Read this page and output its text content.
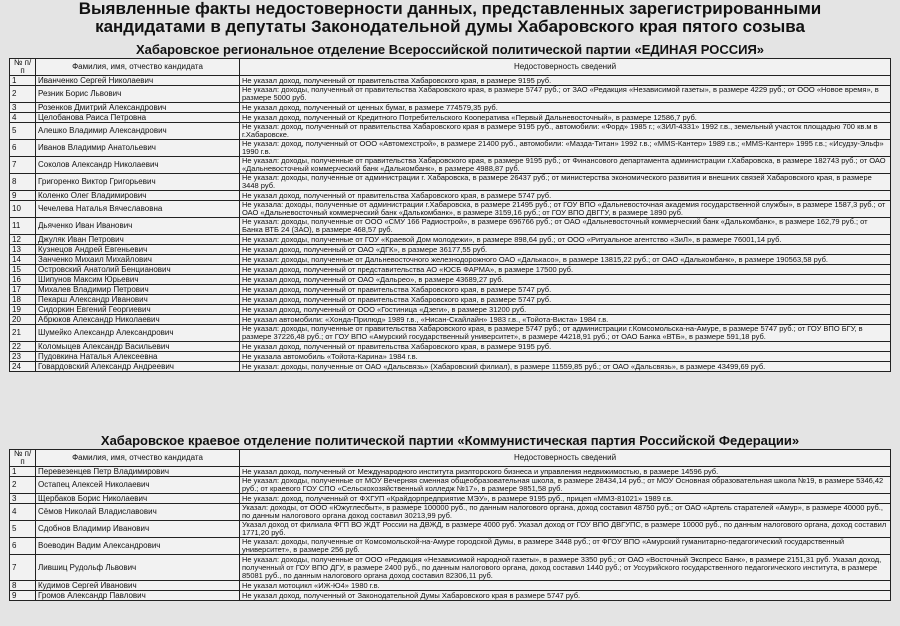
Выявленные факты недостоверности данных, представленных зарегистрированными
кандидатами в депутаты Законодательной думы Хабаровского края пятого созыва
Хабаровское региональное отделение Всероссийской политической партии «ЕДИНАЯ РОССИЯ»
№ п/п	Фамилия, имя, отчество кандидата	Недостоверность сведений
1	Иванченко Сергей Николаевич	Не указал доход, полученный от правительства Хабаровского края, в размере 9195 руб.
2	Резник Борис Львович	Не указал: доходы, полученный от правительства Хабаровского края, в размере 5747 руб.; от ЗАО «Редакция «Независимой газеты», в размере 4229 руб.; от ООО «Новое время», в размере 5000 руб.
3	Розенков Дмитрий Александрович	Не указал доход, полученный от ценных бумаг, в размере 774579,35 руб.
4	Целобанова Раиса Петровна	Не указал доход, полученный от Кредитного Потребительского Кооператива «Первый Дальневосточный», в размере 12586,7 руб.
5	Алешко Владимир Александрович	Не указал: доход, полученный от правительства Хабаровского края в размере 9195 руб., автомобили: «Форд» 1985 г.; «ЗИЛ-4331» 1992 г.в., земельный участок площадью 700 кв.м в г.Хабаровске.
6	Иванов Владимир Анатольевич	Не указал: доход, полученный от ООО «Автомехстрой», в размере 21400 руб., автомобили: «Мазда-Титан» 1992 г.в.; «MMS-Кантер» 1989 г.в.; «MMS-Кантер» 1995 г.в.; «Исудзу-Эльф» 1990 г.в.
7	Соколов Александр Николаевич	Не указал: доходы, полученные от правительства Хабаровского края, в размере 9195 руб.; от Финансового департамента администрации г.Хабаровска, в размере 182743 руб.; от ОАО «Дальневосточный коммерческий банк «Далькомбанк», в размере 4988,87 руб.
8	Григоренко Виктор Григорьевич	Не указал: доходы, полученные от администрации г. Хабаровска, в размере 26437 руб.; от министерства экономического развития и внешних связей Хабаровского края, в размере 3448 руб.
9	Коленко Олег Владимирович	Не указал доход, полученный от правительства Хабаровского края, в размере 5747 руб.
10	Чечелева Наталья Вячеславовна	Не указала: доходы, полученные от администрации г.Хабаровска, в размере 21495 руб.; от ГОУ ВПО «Дальневосточная академия государственной службы», в размере 1587,3 руб.; от ОАО «Дальневосточный коммерческий банк «Далькомбанк», в размере 3159,16 руб.; от ГОУ ВПО ДВГГУ, в размере 1890 руб.
11	Дьяченко Иван Иванович	Не указал: доходы, полученные от ООО «СМУ 166 Радиострой», в размере 696766 руб.; от ОАО «Дальневосточный коммерческий банк «Далькомбанк», в размере 162,79 руб.; от Банка ВТБ 24 (ЗАО), в размере 468,57 руб.
12	Джуляк Иван Петрович	Не указал: доходы, полученные от ГОУ «Краевой Дом молодежи», в размере 898,64 руб.; от ООО «Ритуальное агентство «ЗиЛ», в размере 76001,14 руб.
13	Кузнецов Андрей Евгеньевич	Не указал доход, полученный от ОАО «ДГК», в размере 36177,55 руб.
14	Занченко Михаил Михайлович	Не указал: доходы, полученные от Дальневосточного железнодорожного ОАО «Далькасо», в размере 13815,22 руб.; от ОАО «Далькомбанк», в размере 190563,58 руб.
15	Островский Анатолий Бенцианович	Не указал доход, полученный от представительства АО «ЮСБ ФАРМА», в размере 17500 руб.
16	Шипунов Максим Юрьевич	Не указал доход, полученный от ОАО «Дальрео», в размере 43689,27 руб.
17	Михалев Владимир Петрович	Не указал доход, полученный от правительства Хабаровского края, в размере 5747 руб.
18	Пекарш Александр Иванович	Не указал доход, полученный от правительства Хабаровского края, в размере 5747 руб.
19	Сидоркин Евгений Георгиевич	Не указал доход, полученный от ООО «Гостиница «Дзеги», в размере 31200 руб.
20	Абрюков Александр Николаевич	Не указал автомобили: «Хонда-Прилюд» 1989 г.в., «Нисан-Скайлайн» 1983 г.в., «Тойота-Виста» 1984 г.в.
21	Шумейко Александр Александрович	Не указал: доходы, полученные от правительства Хабаровского края, в размере 5747 руб.; от администрации г.Комсомольска-на-Амуре, в размере 5747 руб.; от ГОУ ВПО БГУ, в размере 37226,48 руб.; от ГОУ ВПО «Амурский государственный университет», в размере 44218,91 руб.; от ОАО Банка «ВТБ», в размере 591,18 руб.
22	Коломыцев Александр Васильевич	Не указал доход, полученный от правительства Хабаровского края, в размере 9195 руб.
23	Пудовкина Наталья Алексеевна	Не указала автомобиль «Тойота-Карина» 1984 г.в.
24	Говардовский Александр Андреевич	Не указал: доходы, полученные от ОАО «Дальсвязь» (Хабаровский филиал), в размере 11559,85 руб.; от ОАО «Дальсвязь», в размере 43499,69 руб.
Хабаровское краевое отделение политической партии «Коммунистическая партия Российской Федерации»
№ п/п	Фамилия, имя, отчество кандидата	Недостоверность сведений
1	Перевезенцев Петр Владимирович	Не указал доход, полученный от Международного института риэлторского бизнеса и управления недвижимостью, в размере 14596 руб.
2	Остапец Алексей Николаевич	Не указал: доходы, полученные от МОУ Вечерняя сменная общеобразовательная школа, в размере 28434,14 руб.; от МОУ Основная образовательная школа №19, в размере 5346,42 руб.; от краевого ГОУ СПО «Сельскохозяйственный колледж №17», в размере 9851,58 руб.
3	Щербаков Борис Николаевич	Не указал: доход, полученный от ФХГУП «Крайдорпредприятие МЭУ», в размере 9195 руб., прицеп «ММЗ-81021» 1989 г.в.
4	Сёмов Николай Владиславович	Указал: доходы, от ООО «Южуглесбыт», в размере 100000 руб., по данным налогового органа, доход составил 48750 руб.; от ОАО «Артель старателей «Амур», в размере 40000 руб., по данным налогового органа доход составил 30213,99 руб.
5	Сдобнов Владимир Иванович	Указал доход от филиала ФГП ВО ЖДТ России на ДВЖД, в размере 4000 руб. Указал доход от ГОУ ВПО ДВГУПС, в размере 10000 руб., по данным налогового органа, доход составил 1771,20 руб.
6	Воеводин Вадим Александрович	Не указал: доходы, полученные от Комсомольской-на-Амуре городской Думы, в размере 3448 руб.; от ФГОУ ВПО «Амурский гуманитарно-педагогический государственный университет», в размере 256 руб.
7	Лившиц Рудольф Львович	Не указал: доходы, полученные от ООО «Редакция «Независимой народной газеты», в размере 3350 руб.; от ОАО «Восточный Экспресс Банк», в размере 2151,31 руб. Указал доход, полученный от ГОУ ВПО ДГУ, в размере 2400 руб., по данным налогового органа, доход составил 1440 руб.; от Уссурийского государственного педагогического института, в размере 85081 руб., по данным налогового органа доход составил 82306,11 руб.
8	Кудимов Сергей Иванович	Не указал мотоцикл «ИЖ-Ю4» 1980 г.в.
9	Громов Александр Павлович	Не указал доход, полученный от Законодательной Думы Хабаровского края в размере 5747 руб.
